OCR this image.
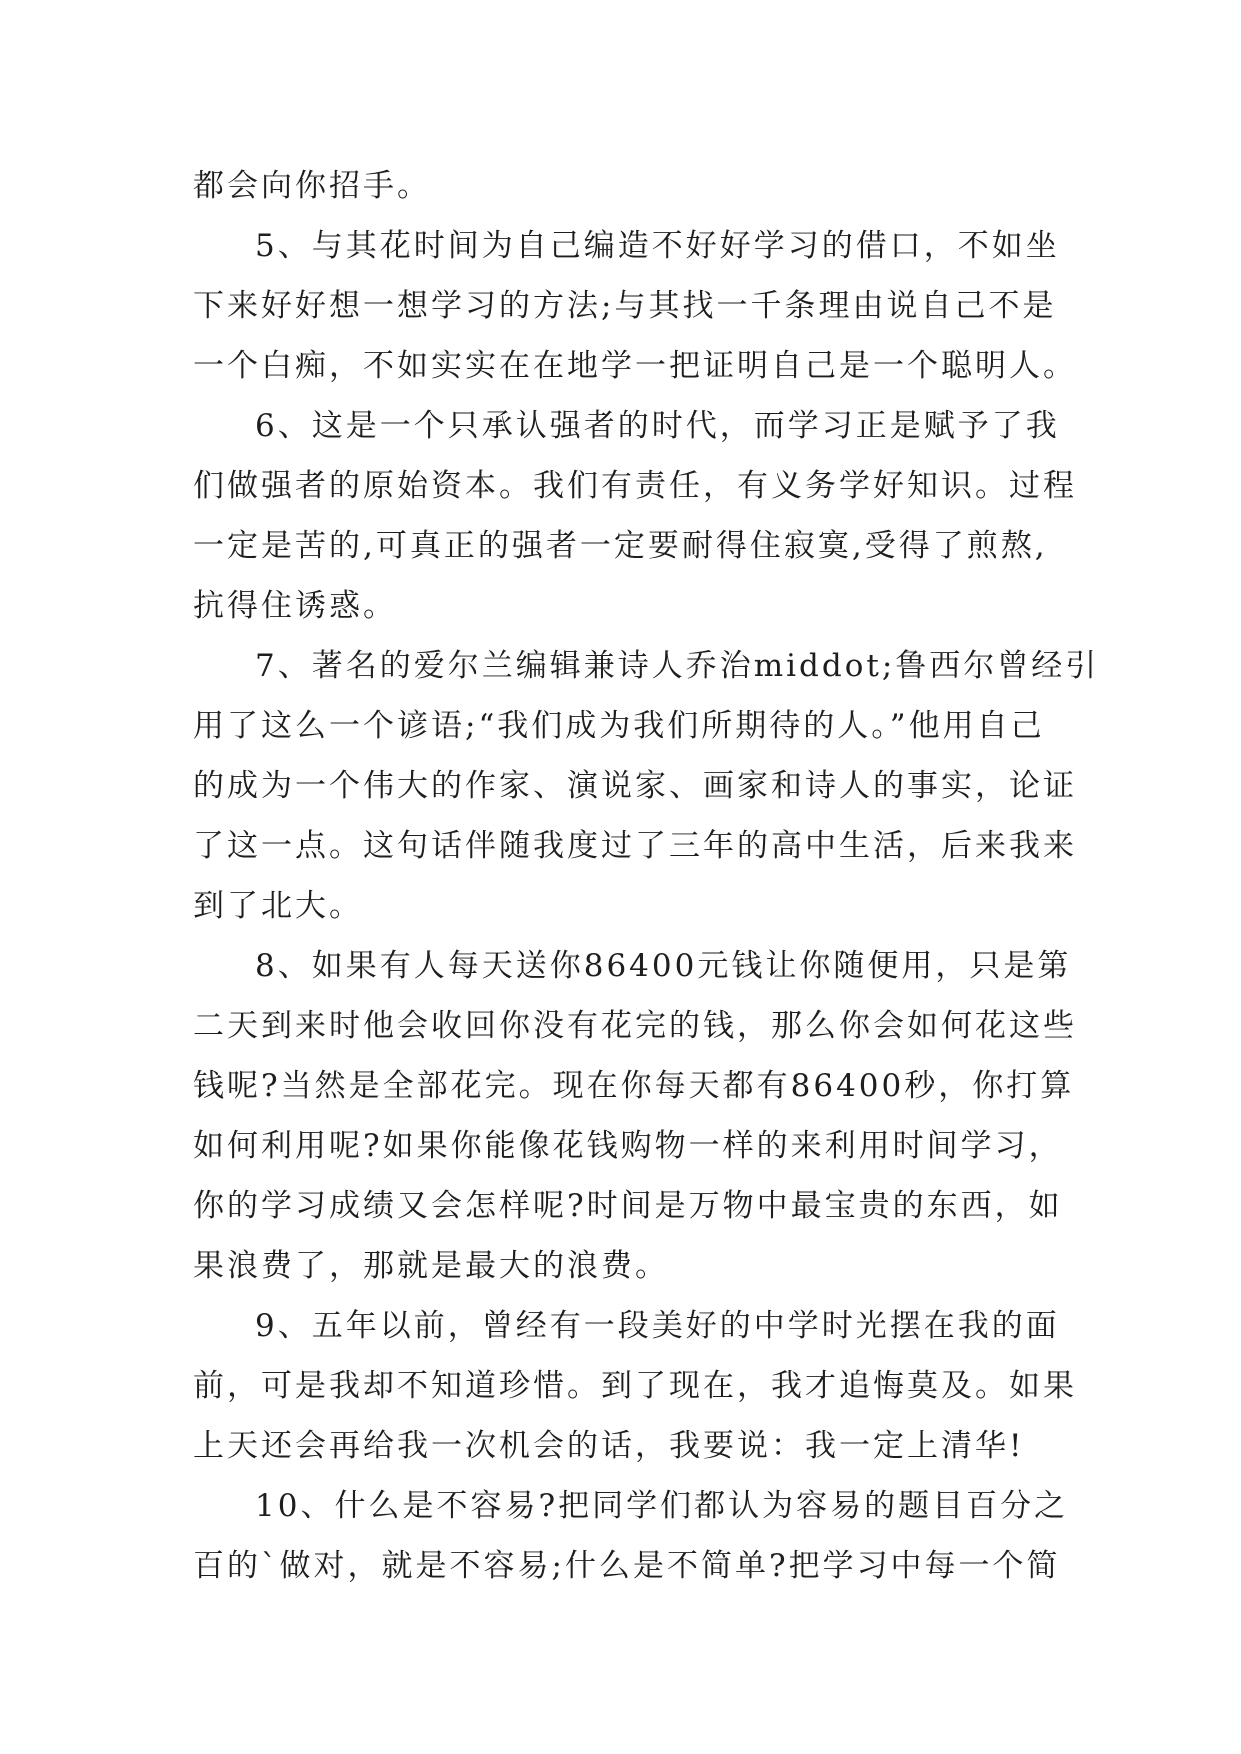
都会向你招手。
5、与其花时间为自己编造不好好学习的借口，不如坐
下来好好想一想学习的方法;与其找一千条理由说自己不是
一个白痴，不如实实在在地学一把证明自己是一个聪明人。
6、这是一个只承认强者的时代，而学习正是赋予了我
们做强者的原始资本。我们有责任，有义务学好知识。过程
一定是苦的,可真正的强者一定要耐得住寂寞,受得了煎熬,
抗得住诱惑。
7、著名的爱尔兰编辑兼诗人乔治middot;鲁西尔曾经引
用了这么一个谚语;“我们成为我们所期待的人。”他用自己
的成为一个伟大的作家、演说家、画家和诗人的事实，论证
了这一点。这句话伴随我度过了三年的高中生活，后来我来
到了北大。
8、如果有人每天送你86400元钱让你随便用，只是第
二天到来时他会收回你没有花完的钱，那么你会如何花这些
钱呢?当然是全部花完。现在你每天都有86400秒，你打算
如何利用呢?如果你能像花钱购物一样的来利用时间学习，
你的学习成绩又会怎样呢?时间是万物中最宝贵的东西，如
果浪费了，那就是最大的浪费。
9、五年以前，曾经有一段美好的中学时光摆在我的面
前，可是我却不知道珍惜。到了现在，我才追悔莫及。如果
上天还会再给我一次机会的话，我要说：我一定上清华!
10、什么是不容易?把同学们都认为容易的题目百分之
百的`做对，就是不容易;什么是不简单?把学习中每一个简
